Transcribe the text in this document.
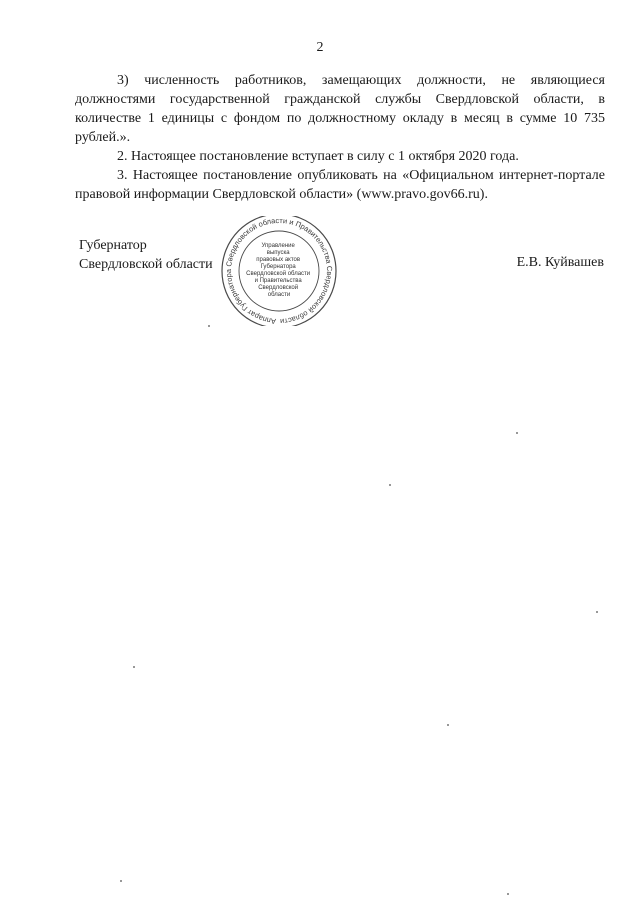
2

3) численность работников, замещающих должности, не являющиеся должностями государственной гражданской службы Свердловской области, в количестве 1 единицы с фондом по должностному окладу в месяц в сумме 10 735 рублей.».

2. Настоящее постановление вступает в силу с 1 октября 2020 года.

3. Настоящее постановление опубликовать на «Официальном интернет-портале правовой информации Свердловской области» (www.pravo.gov66.ru).

Губернатор
Свердловской области
Аппарат Губернатора Свердловской области и Правительства Свердловской области
Управление выпуска правовых актов Губернатора Свердловской области и Правительства Свердловской области
Е.В. Куйвашев
